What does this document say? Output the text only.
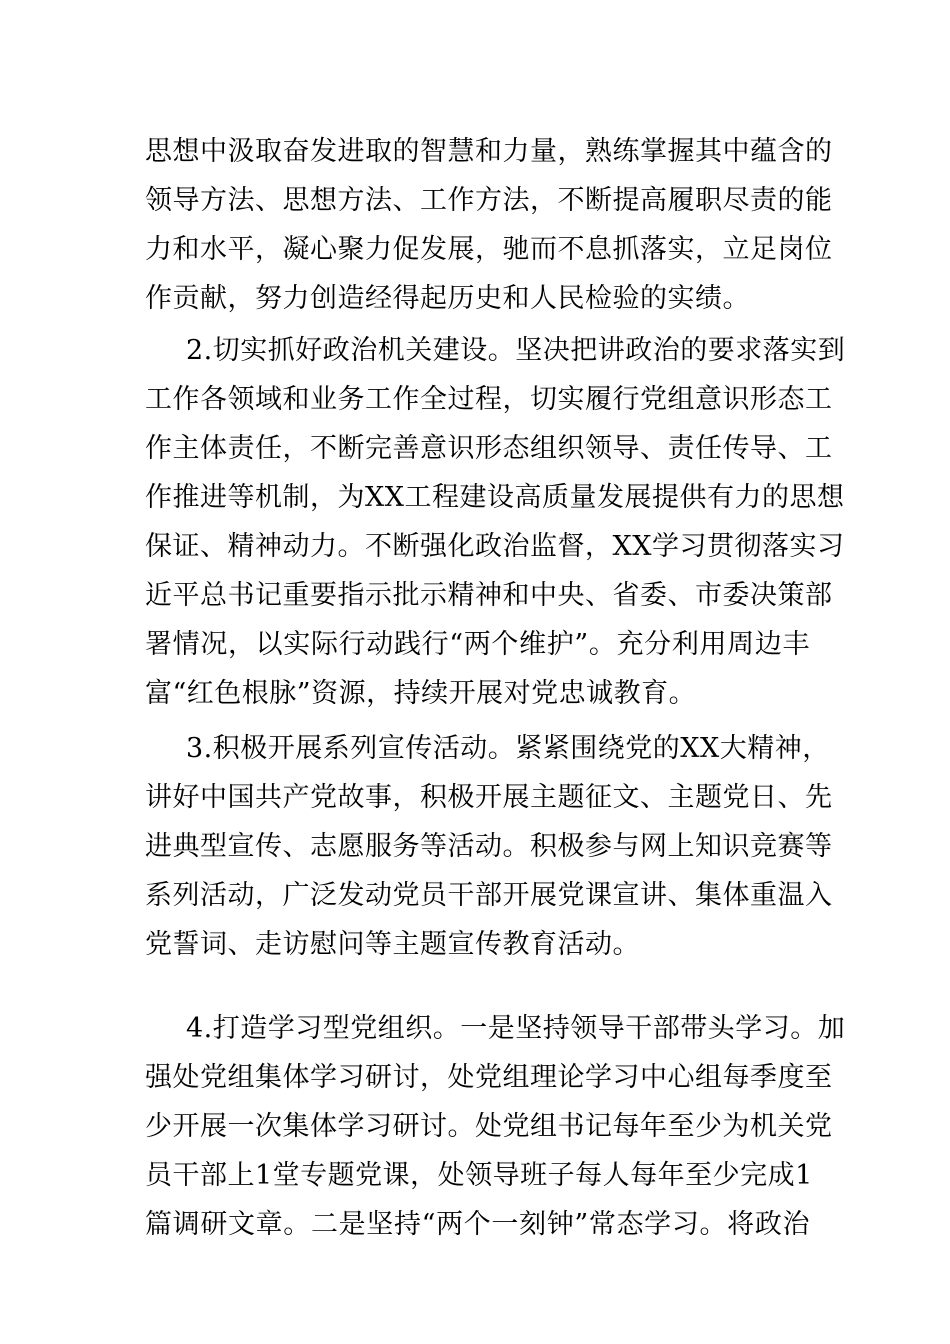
思想中汲取奋发进取的智慧和力量，熟练掌握其中蕴含的
领导方法、思想方法、工作方法，不断提高履职尽责的能
力和水平，凝心聚力促发展，驰而不息抓落实，立足岗位
作贡献，努力创造经得起历史和人民检验的实绩。
2.切实抓好政治机关建设。坚决把讲政治的要求落实到
工作各领域和业务工作全过程，切实履行党组意识形态工
作主体责任，不断完善意识形态组织领导、责任传导、工
作推进等机制，为XX工程建设高质量发展提供有力的思想
保证、精神动力。不断强化政治监督，XX学习贯彻落实习
近平总书记重要指示批示精神和中央、省委、市委决策部
署情况，以实际行动践行“两个维护”。充分利用周边丰
富“红色根脉”资源，持续开展对党忠诚教育。
3.积极开展系列宣传活动。紧紧围绕党的XX大精神，
讲好中国共产党故事，积极开展主题征文、主题党日、先
进典型宣传、志愿服务等活动。积极参与网上知识竞赛等
系列活动，广泛发动党员干部开展党课宣讲、集体重温入
党誓词、走访慰问等主题宣传教育活动。
4.打造学习型党组织。一是坚持领导干部带头学习。加
强处党组集体学习研讨，处党组理论学习中心组每季度至
少开展一次集体学习研讨。处党组书记每年至少为机关党
员干部上1堂专题党课，处领导班子每人每年至少完成1
篇调研文章。二是坚持“两个一刻钟”常态学习。将政治
